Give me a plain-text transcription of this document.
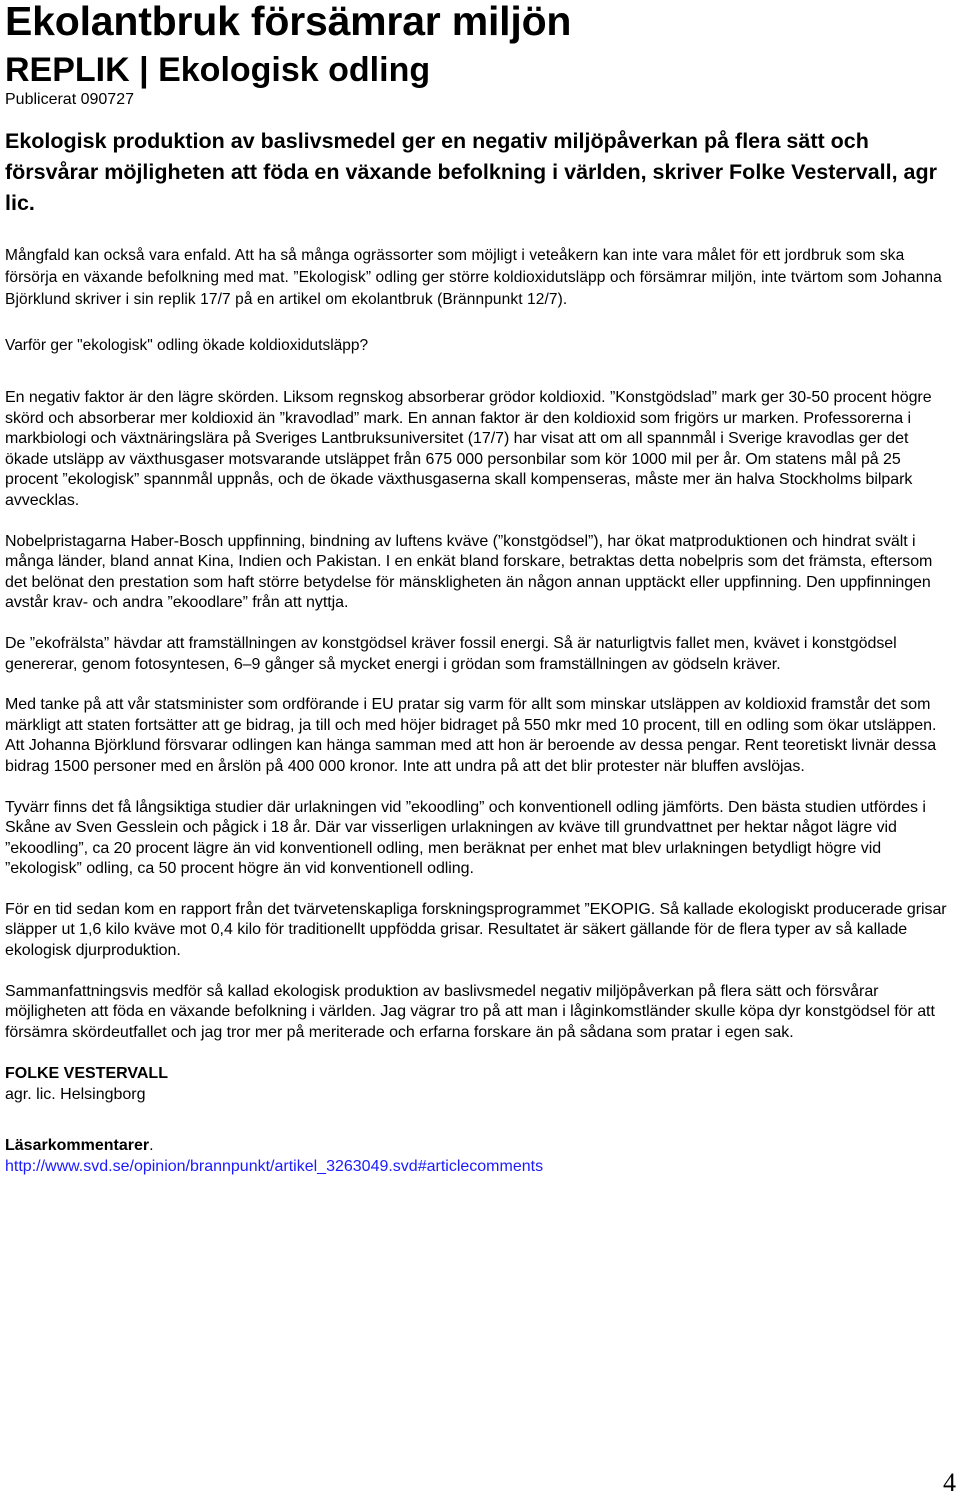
Ekolantbruk försämrar miljön
REPLIK | Ekologisk odling
Publicerat 090727

Ekologisk produktion av baslivsmedel ger en negativ miljöpåverkan på flera sätt och försvårar möjligheten att föda en växande befolkning i världen, skriver Folke Vestervall, agr lic.

Mångfald kan också vara enfald. Att ha så många ogrässorter som möjligt i veteåkern kan inte vara målet för ett jordbruk som ska försörja en växande befolkning med mat. ”Ekologisk” odling ger större koldioxidutsläpp och försämrar miljön, inte tvärtom som Johanna Björklund skriver i sin replik 17/7 på en artikel om ekolantbruk (Brännpunkt 12/7).

Varför ger "ekologisk" odling ökade koldioxidutsläpp?

En negativ faktor är den lägre skörden. Liksom regnskog absorberar grödor koldioxid. ”Konstgödslad” mark ger 30-50 procent högre skörd och absorberar mer koldioxid än ”kravodlad” mark. En annan faktor är den koldioxid som frigörs ur marken. Professorerna i markbiologi och växtnäringslära på Sveriges Lantbruksuniversitet (17/7) har visat att om all spannmål i Sverige kravodlas ger det ökade utsläpp av växthusgaser motsvarande utsläppet från 675 000 personbilar som kör 1000 mil per år. Om statens mål på 25 procent ”ekologisk” spannmål uppnås, och de ökade växthusgaserna skall kompenseras, måste mer än halva Stockholms bilpark avvecklas.

Nobelpristagarna Haber-Bosch uppfinning, bindning av luftens kväve (”konstgödsel”), har ökat matproduktionen och hindrat svält i många länder, bland annat Kina, Indien och Pakistan. I en enkät bland forskare, betraktas detta nobelpris som det främsta, eftersom det belönat den prestation som haft större betydelse för mänskligheten än någon annan upptäckt eller uppfinning. Den uppfinningen avstår krav- och andra ”ekoodlare” från att nyttja.

De ”ekofrälsta” hävdar att framställningen av konstgödsel kräver fossil energi. Så är naturligtvis fallet men, kvävet i konstgödsel genererar, genom fotosyntesen, 6–9 gånger så mycket energi i grödan som framställningen av gödseln kräver.

Med tanke på att vår statsminister som ordförande i EU pratar sig varm för allt som minskar utsläppen av koldioxid framstår det som märkligt att staten fortsätter att ge bidrag, ja till och med höjer bidraget på 550 mkr med 10 procent, till en odling som ökar utsläppen. Att Johanna Björklund försvarar odlingen kan hänga samman med att hon är beroende av dessa pengar. Rent teoretiskt livnär dessa bidrag 1500 personer med en årslön på 400 000 kronor. Inte att undra på att det blir protester när bluffen avslöjas.

Tyvärr finns det få långsiktiga studier där urlakningen vid ”ekoodling” och konventionell odling jämförts. Den bästa studien utfördes i Skåne av Sven Gesslein och pågick i 18 år. Där var visserligen urlakningen av kväve till grundvattnet per hektar något lägre vid ”ekoodling”, ca 20 procent lägre än vid konventionell odling, men beräknat per enhet mat blev urlakningen betydligt högre vid ”ekologisk” odling, ca 50 procent högre än vid konventionell odling.

För en tid sedan kom en rapport från det tvärvetenskapliga forskningsprogrammet ”EKOPIG. Så kallade ekologiskt producerade grisar släpper ut 1,6 kilo kväve mot 0,4 kilo för traditionellt uppfödda grisar. Resultatet är säkert gällande för de flera typer av så kallade ekologisk djurproduktion.

Sammanfattningsvis medför så kallad ekologisk produktion av baslivsmedel negativ miljöpåverkan på flera sätt och försvårar möjligheten att föda en växande befolkning i världen. Jag vägrar tro på att man i låginkomstländer skulle köpa dyr konstgödsel för att försämra skördeutfallet och jag tror mer på meriterade och erfarna forskare än på sådana som pratar i egen sak.

FOLKE VESTERVALL
agr. lic. Helsingborg
Läsarkommentarer.
http://www.svd.se/opinion/brannpunkt/artikel_3263049.svd#articlecomments
4
